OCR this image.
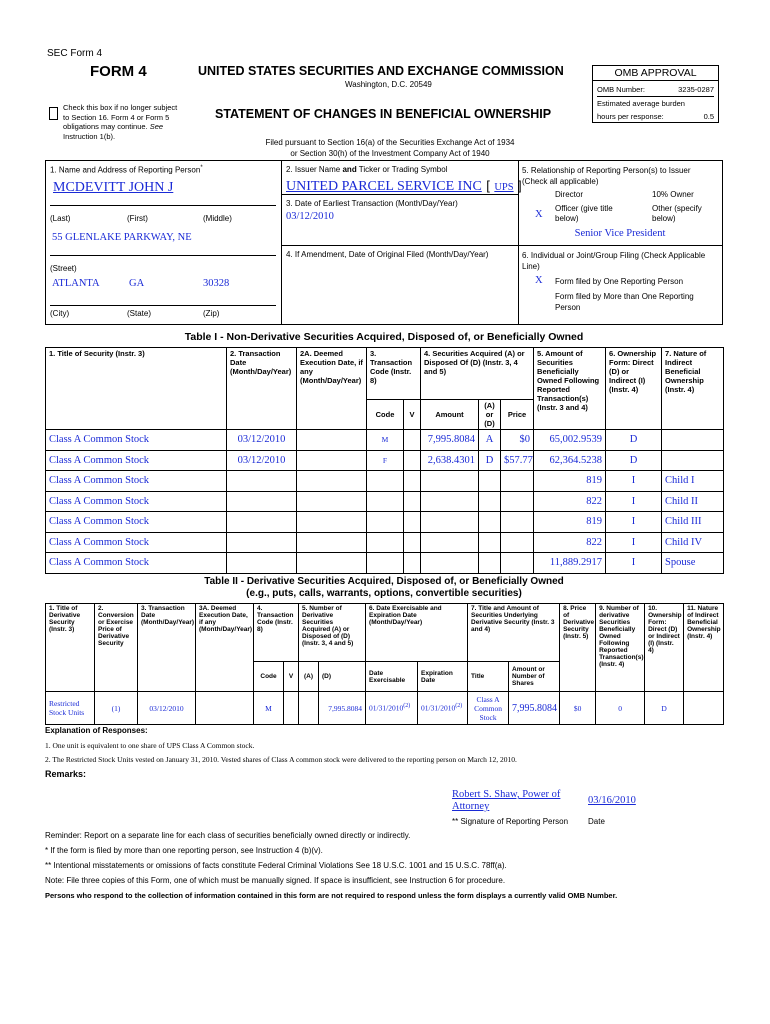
SEC Form 4
FORM 4	UNITED STATES SECURITIES AND EXCHANGE COMMISSION
Washington, D.C. 20549
Check this box if no longer subject
to Section 16. Form 4 or Form 5
obligations may continue. See
Instruction 1(b).
STATEMENT OF CHANGES IN BENEFICIAL OWNERSHIP
Filed pursuant to Section 16(a) of the Securities Exchange Act of 1934
or Section 30(h) of the Investment Company Act of 1940
OMB APPROVAL
OMB Number:	3235-0287
Estimated average burden
hours per response:	0.5
1. Name and Address of Reporting Person*
MCDEVITT JOHN J
(Last)	(First)	(Middle)
55 GLENLAKE PARKWAY, NE
(Street)
ATLANTA	GA	30328
(City)	(State)	(Zip)
2. Issuer Name and Ticker or Trading Symbol
UNITED PARCEL SERVICE INC [ UPS ]
3. Date of Earliest Transaction (Month/Day/Year)
03/12/2010
4. If Amendment, Date of Original Filed (Month/Day/Year)
5. Relationship of Reporting Person(s) to Issuer
(Check all applicable)
Director	10% Owner
X
Officer (give title
below)
Other (specify
below)
Senior Vice President
6. Individual or Joint/Group Filing (Check Applicable
Line)
X Form filed by One Reporting Person
Form filed by More than One Reporting
Person
Table I - Non-Derivative Securities Acquired, Disposed of, or Beneficially Owned
1. Title of Security (Instr. 3)	2. Transaction Date (Month/Day/Year)	2A. Deemed Execution Date, if any (Month/Day/Year)	3. Transaction Code (Instr. 8)		4. Securities Acquired (A) or Disposed Of (D) (Instr. 3, 4 and 5)			5. Amount of Securities Beneficially Owned Following Reported Transaction(s) (Instr. 3 and 4)	6. Ownership Form: Direct (D) or Indirect (I) (Instr. 4)	7. Nature of Indirect Beneficial Ownership (Instr. 4)
			Code	V	Amount	(A) or (D)	Price			
Class A Common Stock	03/12/2010		M		7,995.8084	A	$0	65,002.9539	D	
Class A Common Stock	03/12/2010		F		2,638.4301	D	$57.77	62,364.5238	D	
Class A Common Stock								819	I	Child I
Class A Common Stock								822	I	Child II
Class A Common Stock								819	I	Child III
Class A Common Stock								822	I	Child IV
Class A Common Stock								11,889.2917	I	Spouse
Table II - Derivative Securities Acquired, Disposed of, or Beneficially Owned
(e.g., puts, calls, warrants, options, convertible securities)
1. Title of Derivative Security (Instr. 3)	2. Conversion or Exercise Price of Derivative Security	3. Transaction Date (Month/Day/Year)	3A. Deemed Execution Date, if any (Month/Day/Year)	4. Transaction Code (Instr. 8)		5. Number of Derivative Securities Acquired (A) or Disposed of (D) (Instr. 3, 4 and 5)		6. Date Exercisable and Expiration Date (Month/Day/Year)		7. Title and Amount of Securities Underlying Derivative Security (Instr. 3 and 4)		8. Price of Derivative Security (Instr. 5)	9. Number of derivative Securities Beneficially Owned Following Reported Transaction(s) (Instr. 4)	10. Ownership Form: Direct (D) or Indirect (I) (Instr. 4)	11. Nature of Indirect Beneficial Ownership (Instr. 4)
				Code	V	(A)	(D)	Date Exercisable	Expiration Date	Title	Amount or Number of Shares				
Restricted Stock Units	(1)	03/12/2010		M			7,995.8084	01/31/2010$^{(2)}$	01/31/2010$^{(2)}$	Class A Common Stock	7,995.8084	$0	0	D	
Explanation of Responses:
1. One unit is equivalent to one share of UPS Class A Common stock.
2. The Restricted Stock Units vested on January 31, 2010. Vested shares of Class A common stock were delivered to the reporting person on March 12, 2010.
Remarks:
Robert S. Shaw, Power of Attorney
03/16/2010
** Signature of Reporting Person Date
Reminder: Report on a separate line for each class of securities beneficially owned directly or indirectly.
* If the form is filed by more than one reporting person, see Instruction 4 (b)(v).
** Intentional misstatements or omissions of facts constitute Federal Criminal Violations See 18 U.S.C. 1001 and 15 U.S.C. 78ff(a).
Note: File three copies of this Form, one of which must be manually signed. If space is insufficient, see Instruction 6 for procedure.
Persons who respond to the collection of information contained in this form are not required to respond unless the form displays a currently valid OMB Number.
